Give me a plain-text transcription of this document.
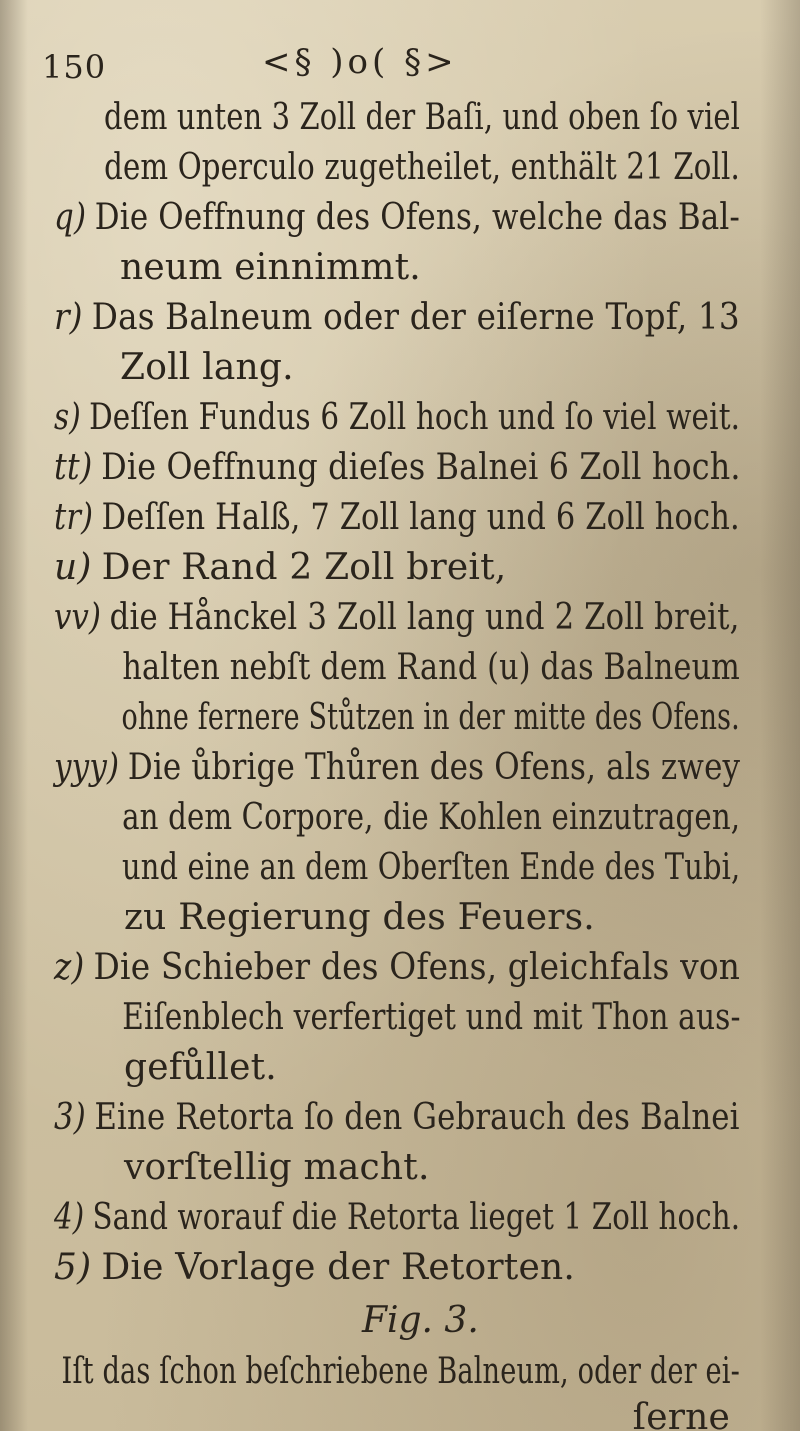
150	<§ )o( §>
dem unten 3 Zoll der Baſi, und oben ſo viel
dem Operculo zugetheilet, enthält 21 Zoll.
q) Die Oeffnung des Ofens, welche das Bal-
neum einnimmt.
r) Das Balneum oder der eiſerne Topf, 13
Zoll lang.
s) Deſſen Fundus 6 Zoll hoch und ſo viel weit.
tt) Die Oeffnung dieſes Balnei 6 Zoll hoch.
tr) Deſſen Halß, 7 Zoll lang und 6 Zoll hoch.
u) Der Rand 2 Zoll breit,
vv) die Hånckel 3 Zoll lang und 2 Zoll breit,
halten nebſt dem Rand (u) das Balneum
ohne fernere Stůtzen in der mitte des Ofens.
yyy) Die ůbrige Thůren des Ofens, als zwey
an dem Corpore, die Kohlen einzutragen,
und eine an dem Oberſten Ende des Tubi,
zu Regierung des Feuers.
z) Die Schieber des Ofens, gleichfals von
Eiſenblech verfertiget und mit Thon aus-
gefůllet.
3) Eine Retorta ſo den Gebrauch des Balnei
vorſtellig macht.
4) Sand worauf die Retorta lieget 1 Zoll hoch.
5) Die Vorlage der Retorten.
Fig. 3.
Iſt das ſchon beſchriebene Balneum, oder der ei-
ſerne
